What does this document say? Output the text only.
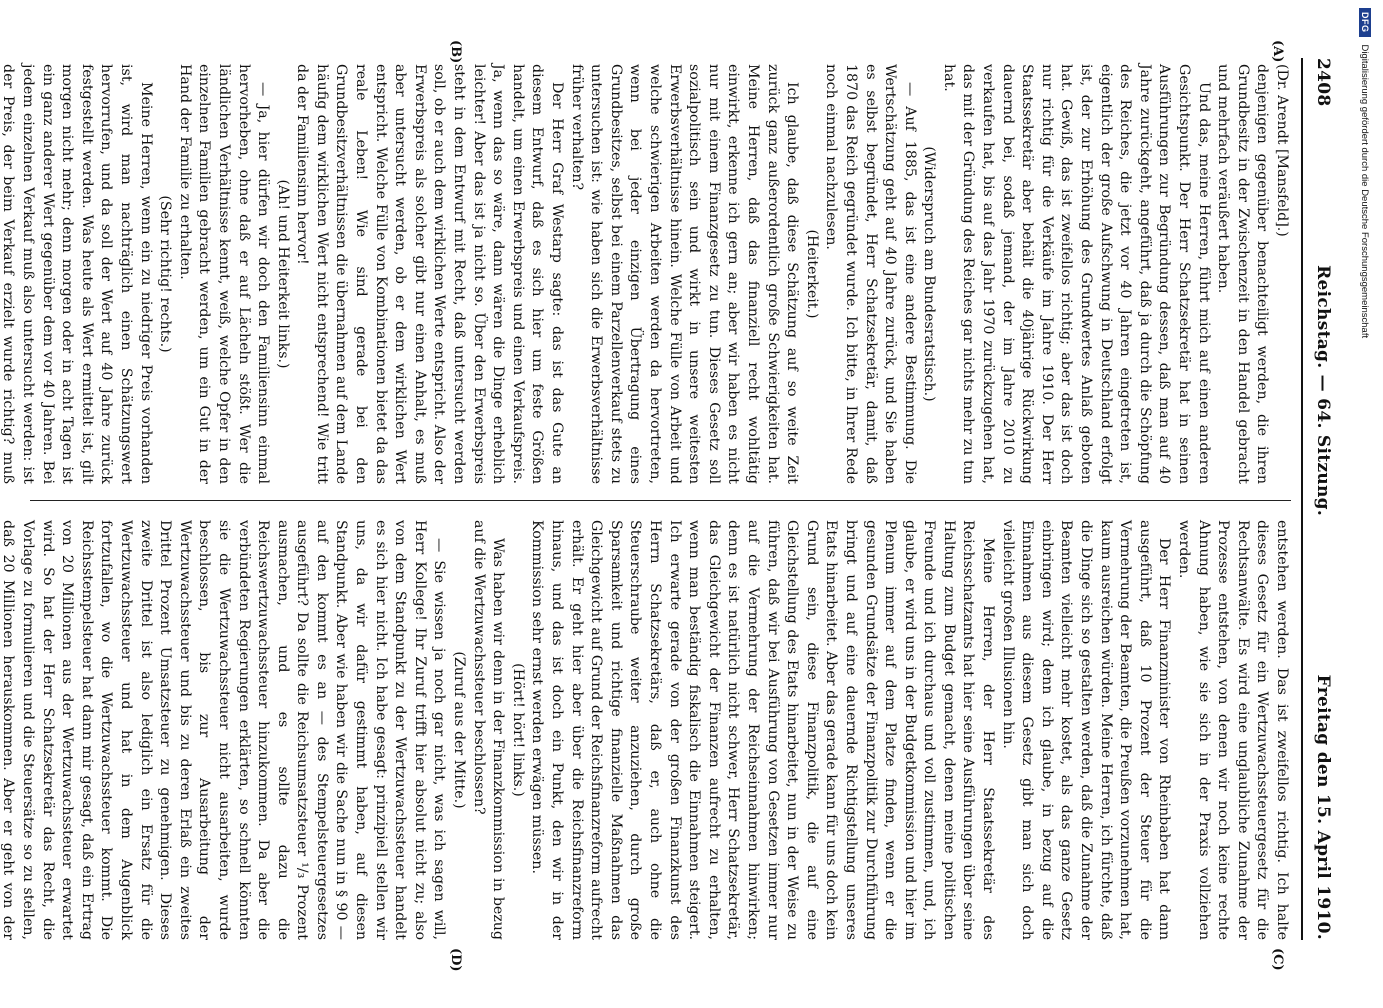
2408
Reichstag. — 64. Sitzung.
Freitag den 15. April 1910.
(A)
(B)
(C)
(D)

(Dr. Arendt [Mansfeld].)

denjenigen gegenüber benachteiligt werden, die ihren Grundbesitz in der Zwischenzeit in den Handel gebracht und mehrfach veräußert haben.

Und das, meine Herren, führt mich auf einen anderen Gesichtspunkt. Der Herr Schatzsekretär hat in seinen Ausführungen zur Begründung dessen, daß man auf 40 Jahre zurückgeht, angeführt, daß ja durch die Schöpfung des Reiches, die jetzt vor 40 Jahren eingetreten ist, eigentlich der große Aufschwung in Deutschland erfolgt ist, der zur Erhöhung des Grundwertes Anlaß geboten hat. Gewiß, das ist zweifellos richtig; aber das ist doch nur richtig für die Verkäufe im Jahre 1910. Der Herr Staatssekretär aber behält die 40jährige Rückwirkung dauernd bei, sodaß jemand, der im Jahre 2010 zu verkaufen hat, bis auf das Jahr 1970 zurückzugehen hat, das mit der Gründung des Reiches gar nichts mehr zu tun hat.

(Widerspruch am Bundesratstisch.)

— Auf 1885, das ist eine andere Bestimmung. Die Wertschätzung geht auf 40 Jahre zurück, und Sie haben es selbst begründet, Herr Schatzsekretär, damit, daß 1870 das Reich gegründet wurde. Ich bitte, in Ihrer Rede noch einmal nachzulesen.

(Heiterkeit.)

Ich glaube, daß diese Schätzung auf so weite Zeit zurück ganz außerordentlich große Schwierigkeiten hat. Meine Herren, daß das finanziell recht wohltätig einwirkt, erkenne ich gern an; aber wir haben es nicht nur mit einem Finanzgesetz zu tun. Dieses Gesetz soll sozialpolitisch sein und wirkt in unsere weitesten Erwerbsverhältnisse hinein. Welche Fülle von Arbeit und welche schwierigen Arbeiten werden da hervortreten, wenn bei jeder einzigen Übertragung eines Grundbesitzes, selbst bei einem Parzellenverkauf stets zu untersuchen ist: wie haben sich die Erwerbsverhältnisse früher verhalten?

Der Herr Graf Westarp sagte: das ist das Gute an diesem Entwurf, daß es sich hier um feste Größen handelt, um einen Erwerbspreis und einen Verkaufspreis. Ja, wenn das so wäre, dann wären die Dinge erheblich leichter! Aber das ist ja nicht so. Über den Erwerbspreis steht in dem Entwurf mit Recht, daß untersucht werden soll, ob er auch dem wirklichen Werte entspricht. Also der Erwerbspreis als solcher gibt nur einen Anhalt, es muß aber untersucht werden, ob er dem wirklichen Wert entspricht. Welche Fülle von Kombinationen bietet da das reale Leben! Wie sind gerade bei den Grundbesitzverhältnissen die übernahmen auf dem Lande häufig dem wirklichen Wert nicht entsprechend! Wie tritt da der Familiensinn hervor!

(Ah! und Heiterkeit links.)

— Ja, hier dürfen wir doch den Familiensinn einmal hervorheben, ohne daß er auf Lächeln stößt. Wer die ländlichen Verhältnisse kennt, weiß, welche Opfer in den einzelnen Familien gebracht werden, um ein Gut in der Hand der Familie zu erhalten.

(Sehr richtig! rechts.)

Meine Herren, wenn ein zu niedriger Preis vorhanden ist, wird man nachträglich einen Schätzungswert hervorrufen, und da soll der Wert auf 40 Jahre zurück festgestellt werden. Was heute als Wert ermittelt ist, gilt morgen nicht mehr; denn morgen oder in acht Tagen ist ein ganz anderer Wert gegenüber dem vor 40 Jahren. Bei jedem einzelnen Verkauf muß also untersucht werden: ist der Preis, der beim Verkauf erzielt wurde richtig? muß

entstehen werden. Das ist zweifellos richtig. Ich halte dieses Gesetz für ein Wertzuwachssteuergesetz für die Rechtsanwälte. Es wird eine unglaubliche Zunahme der Prozesse entstehen, von denen wir noch keine rechte Ahnung haben, wie sie sich in der Praxis vollziehen werden.

Der Herr Finanzminister von Rheinbaben hat dann ausgeführt, daß 10 Prozent der Steuer für die Vermehrung der Beamten, die Preußen vorzunehmen hat, kaum ausreichen würden. Meine Herren, ich fürchte, daß die Dinge sich so gestalten werden, daß die Zunahme der Beamten vielleicht mehr kostet, als das ganze Gesetz einbringen wird; denn ich glaube, in bezug auf die Einnahmen aus diesem Gesetz gibt man sich doch vielleicht großen Illusionen hin.

Meine Herren, der Herr Staatssekretär des Reichsschatzamts hat hier seine Ausführungen über seine Haltung zum Budget gemacht, denen meine politischen Freunde und ich durchaus und voll zustimmen, und, ich glaube, er wird uns in der Budgetkommission und hier im Plenum immer auf dem Platze finden, wenn er die gesunden Grundsätze der Finanzpolitik zur Durchführung bringt und auf eine dauernde Richtigstellung unseres Etats hinarbeitet. Aber das gerade kann für uns doch kein Grund sein, diese Finanzpolitik, die auf eine Gleichstellung des Etats hinarbeitet, nun in der Weise zu führen, daß wir bei Ausführung von Gesetzen immer nur auf die Vermehrung der Reichseinnahmen hinwirken; denn es ist natürlich nicht schwer, Herr Schatzsekretär, das Gleichgewicht der Finanzen aufrecht zu erhalten, wenn man beständig fiskalisch die Einnahmen steigert. Ich erwarte gerade von der großen Finanzkunst des Herrn Schatzsekretärs, daß er, auch ohne die Steuerschraube weiter anzuziehen, durch große Sparsamkeit und richtige finanzielle Maßnahmen das Gleichgewicht auf Grund der Reichsfinanzreform aufrecht erhält. Er geht hier aber über die Reichsfinanzreform hinaus, und das ist doch ein Punkt, den wir in der Kommission sehr ernst werden erwägen müssen.

(Hört! hört! links.)

Was haben wir denn in der Finanzkommission in bezug auf die Wertzuwachssteuer beschlossen?

(Zuruf aus der Mitte.)

— Sie wissen ja noch gar nicht, was ich sagen will, Herr Kollege! Ihr Zuruf trifft hier absolut nicht zu; also von dem Standpunkt zu der Wertzuwachssteuer handelt es sich hier nicht. Ich habe gesagt: prinzipiell stellen wir uns, da wir dafür gestimmt haben, auf diesen Standpunkt. Aber wie haben wir die Sache nun in § 90 — auf den kommt es an — des Stempelsteuergesetzes ausgeführt? Da sollte die Reichsumsatzsteuer ¹/₃ Prozent ausmachen, und es sollte dazu die Reichswertzuwachssteuer hinzukommen. Da aber die verbündeten Regierungen erklärten, so schnell könnten sie die Wertzuwachssteuer nicht ausarbeiten, wurde beschlossen, bis zur Ausarbeitung der Wertzuwachssteuer und bis zu deren Erlaß ein zweites Drittel Prozent Umsatzsteuer zu genehmigen. Dieses zweite Drittel ist also lediglich ein Ersatz für die Wertzuwachssteuer und hat in dem Augenblick fortzufallen, wo die Wertzuwachssteuer kommt. Die Reichsstempelsteuer hat dann mir gesagt, daß ein Ertrag von 20 Millionen aus der Wertzuwachssteuer erwartet wird. So hat der Herr Schatzsekretär das Recht, die Vorlage zu formulieren und die Steuersätze so zu stellen, daß 20 Millionen herauskommen. Aber er geht von der

DFG
Digitalisierung gefördert durch die Deutsche Forschungsgemeinschaft
